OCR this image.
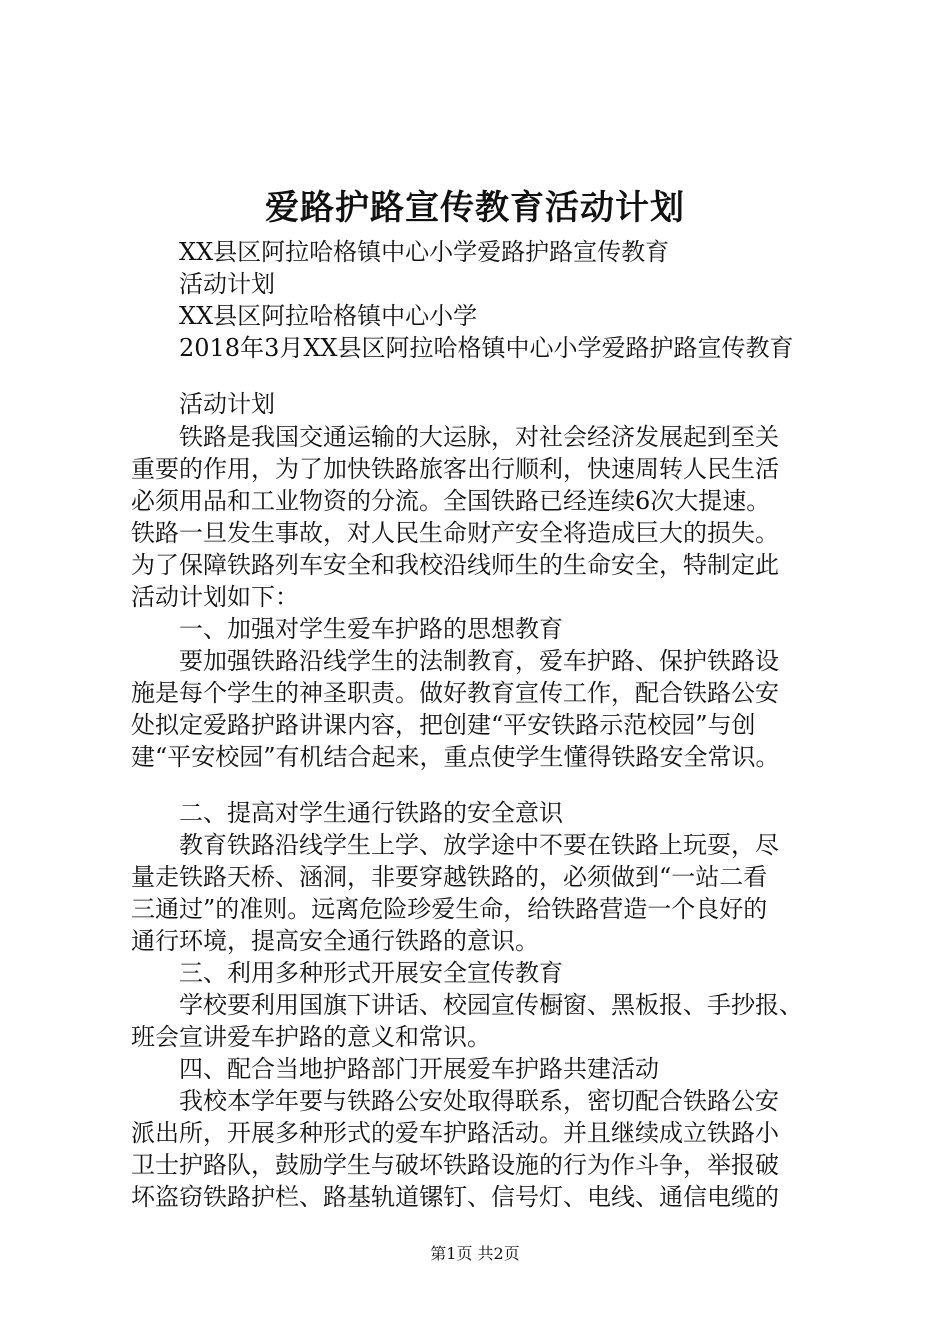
爱路护路宣传教育活动计划
XX县区阿拉哈格镇中心小学爱路护路宣传教育
活动计划
XX县区阿拉哈格镇中心小学
2018年3月XX县区阿拉哈格镇中心小学爱路护路宣传教育
活动计划
铁路是我国交通运输的大运脉，对社会经济发展起到至关
重要的作用，为了加快铁路旅客出行顺利，快速周转人民生活
必须用品和工业物资的分流。全国铁路已经连续6次大提速。
铁路一旦发生事故，对人民生命财产安全将造成巨大的损失。
为了保障铁路列车安全和我校沿线师生的生命安全，特制定此
活动计划如下：
一、加强对学生爱车护路的思想教育
要加强铁路沿线学生的法制教育，爱车护路、保护铁路设
施是每个学生的神圣职责。做好教育宣传工作，配合铁路公安
处拟定爱路护路讲课内容，把创建“平安铁路示范校园”与创
建“平安校园”有机结合起来，重点使学生懂得铁路安全常识。
二、提高对学生通行铁路的安全意识
教育铁路沿线学生上学、放学途中不要在铁路上玩耍，尽
量走铁路天桥、涵洞，非要穿越铁路的，必须做到“一站二看
三通过”的准则。远离危险珍爱生命，给铁路营造一个良好的
通行环境，提高安全通行铁路的意识。
三、利用多种形式开展安全宣传教育
学校要利用国旗下讲话、校园宣传橱窗、黑板报、手抄报、
班会宣讲爱车护路的意义和常识。
四、配合当地护路部门开展爱车护路共建活动
我校本学年要与铁路公安处取得联系，密切配合铁路公安
派出所，开展多种形式的爱车护路活动。并且继续成立铁路小
卫士护路队，鼓励学生与破坏铁路设施的行为作斗争，举报破
坏盗窃铁路护栏、路基轨道镙钉、信号灯、电线、通信电缆的
第1页 共2页
